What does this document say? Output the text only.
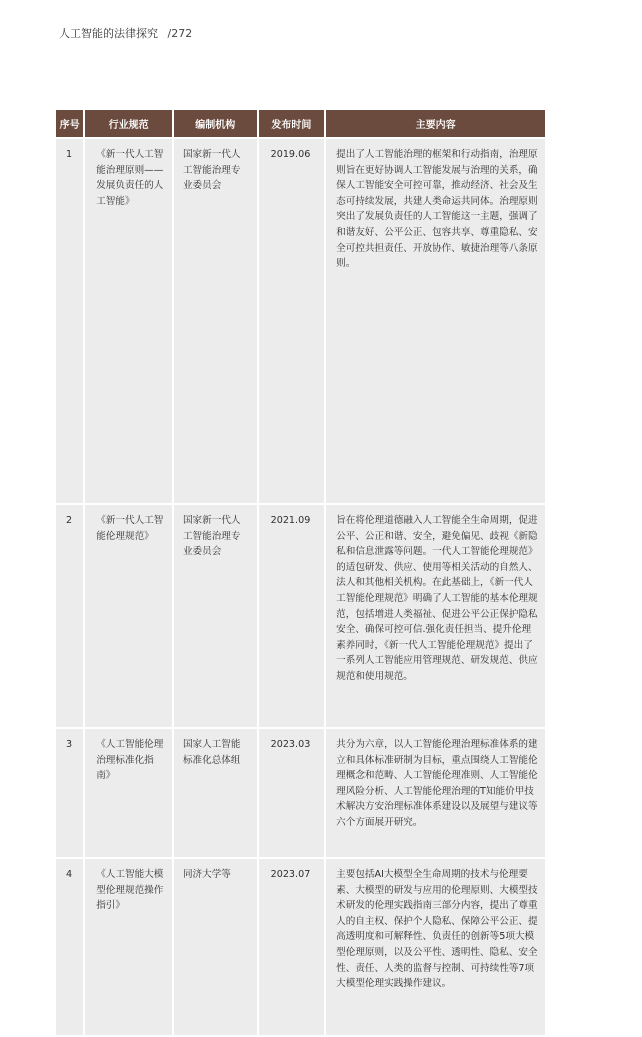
人工智能的法律探究 /272
序号	行业规范	编制机构	发布时间	主要内容
1	《新一代人工智能治理原则——发展负责任的人工智能》	国家新一代人工智能治理专业委员会	2019.06	提出了人工智能治理的框架和行动指南，治理原则旨在更好协调人工智能发展与治理的关系，确保人工智能安全可控可靠，推动经济、社会及生态可持续发展，共建人类命运共同体。治理原则突出了发展负责任的人工智能这一主题，强调了和谐友好、公平公正、包容共享、尊重隐私、安全可控共担责任、开放协作、敏捷治理等八条原则。
2	《新一代人工智能伦理规范》	国家新一代人工智能治理专业委员会	2021.09	旨在将伦理道德融入人工智能全生命周期，促进公平、公正和谐、安全，避免偏见、歧视《新隐私和信息泄露等问题。一代人工智能伦理规范》的适包研发、供应、使用等相关活动的自然人、法人和其他相关机构。在此基础上，《新一代人工智能伦理规范》明确了人工智能的基本伦理规范，包括增进人类福祉、促进公平公正保护隐私安全、确保可控可信.强化责任担当、提升伦理素养同时，《新一代人工智能伦理规范》提出了一系列人工智能应用管理规范、研发规范、供应规范和使用规范。
3	《人工智能伦理治理标准化指南》	国家人工智能标准化总体组	2023.03	共分为六章，以人工智能伦理治理标准体系的建立和具体标准研制为目标，重点围绕人工智能伦理概念和范畴、人工智能伦理准则、人工智能伦理风险分析、人工智能伦理治理的T知能价甲技术解决方安治理标准体系建设以及展望与建议等六个方面展开研究。
4	《人工智能大模型伦理规范操作指引》	同济大学等	2023.07	主要包括AI大模型全生命周期的技术与伦理要素、大模型的研发与应用的伦理原则、大模型技术研发的伦理实践指南三部分内容，提出了尊重人的自主权、保护个人隐私、保障公平公正、提高透明度和可解释性、负责任的创新等5项大模型伦理原则，以及公平性、透明性、隐私、安全性、责任、人类的监督与控制、可持续性等7项大模型伦理实践操作建议。
